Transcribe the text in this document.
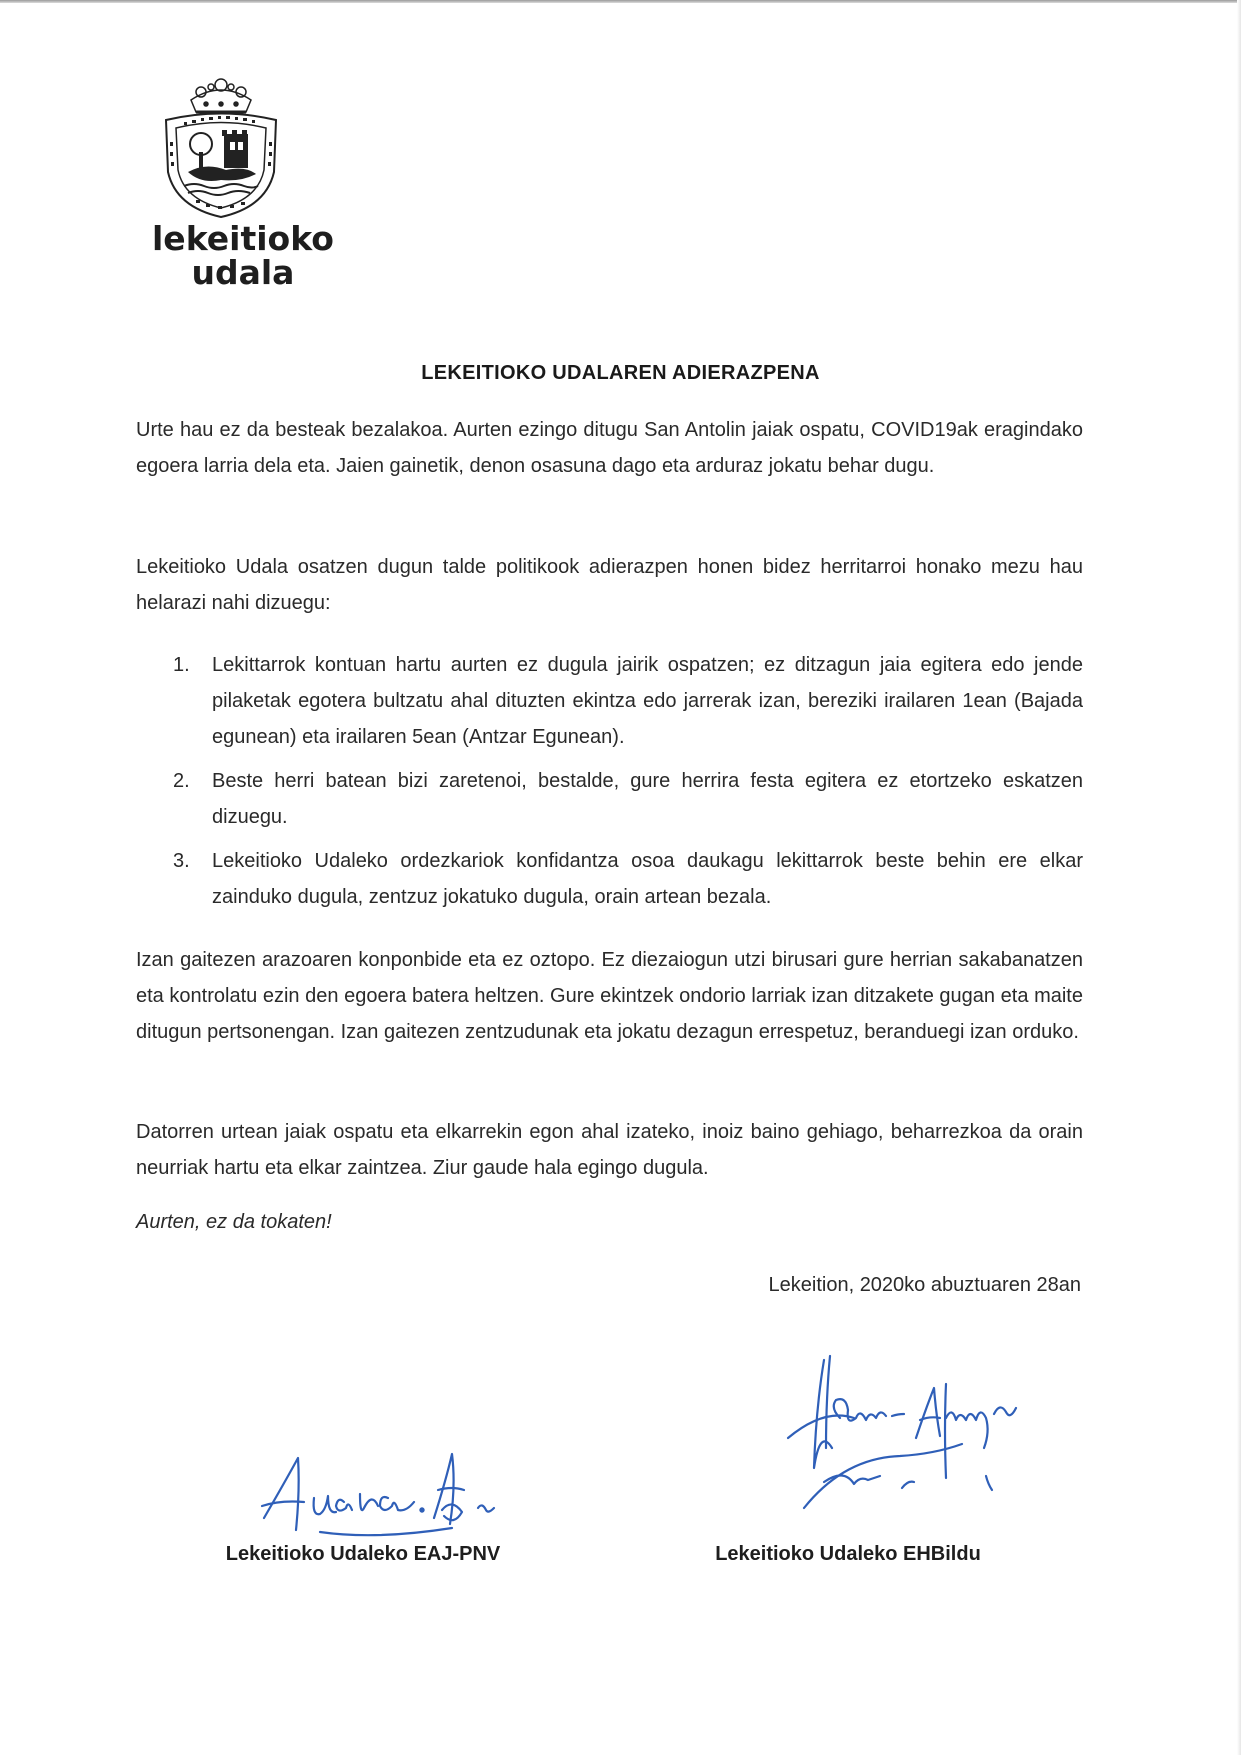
lekeitioko
udala
LEKEITIOKO UDALAREN ADIERAZPENA
Urte hau ez da besteak bezalakoa. Aurten ezingo ditugu San Antolin jaiak ospatu, COVID19ak eragindako egoera larria dela eta. Jaien gainetik, denon osasuna dago eta arduraz jokatu behar dugu.
Lekeitioko Udala osatzen dugun talde politikook adierazpen honen bidez herritarroi honako mezu hau helarazi nahi dizuegu:
1. Lekittarrok kontuan hartu aurten ez dugula jairik ospatzen; ez ditzagun jaia egitera edo jende pilaketak egotera bultzatu ahal dituzten ekintza edo jarrerak izan, bereziki irailaren 1ean (Bajada egunean) eta irailaren 5ean (Antzar Egunean).
2. Beste herri batean bizi zaretenoi, bestalde, gure herrira festa egitera ez etortzeko eskatzen dizuegu.
3. Lekeitioko Udaleko ordezkariok konfidantza osoa daukagu lekittarrok beste behin ere elkar zainduko dugula, zentzuz jokatuko dugula, orain artean bezala.
Izan gaitezen arazoaren konponbide eta ez oztopo. Ez diezaiogun utzi birusari gure herrian sakabanatzen eta kontrolatu ezin den egoera batera heltzen. Gure ekintzek ondorio larriak izan ditzakete gugan eta maite ditugun pertsonengan. Izan gaitezen zentzudunak eta jokatu dezagun errespetuz, beranduegi izan orduko.
Datorren urtean jaiak ospatu eta elkarrekin egon ahal izateko, inoiz baino gehiago, beharrezkoa da orain neurriak hartu eta elkar zaintzea. Ziur gaude hala egingo dugula.
Aurten, ez da tokaten!
Lekeition, 2020ko abuztuaren 28an
Lekeitioko Udaleko EAJ-PNV	Lekeitioko Udaleko EHBildu
